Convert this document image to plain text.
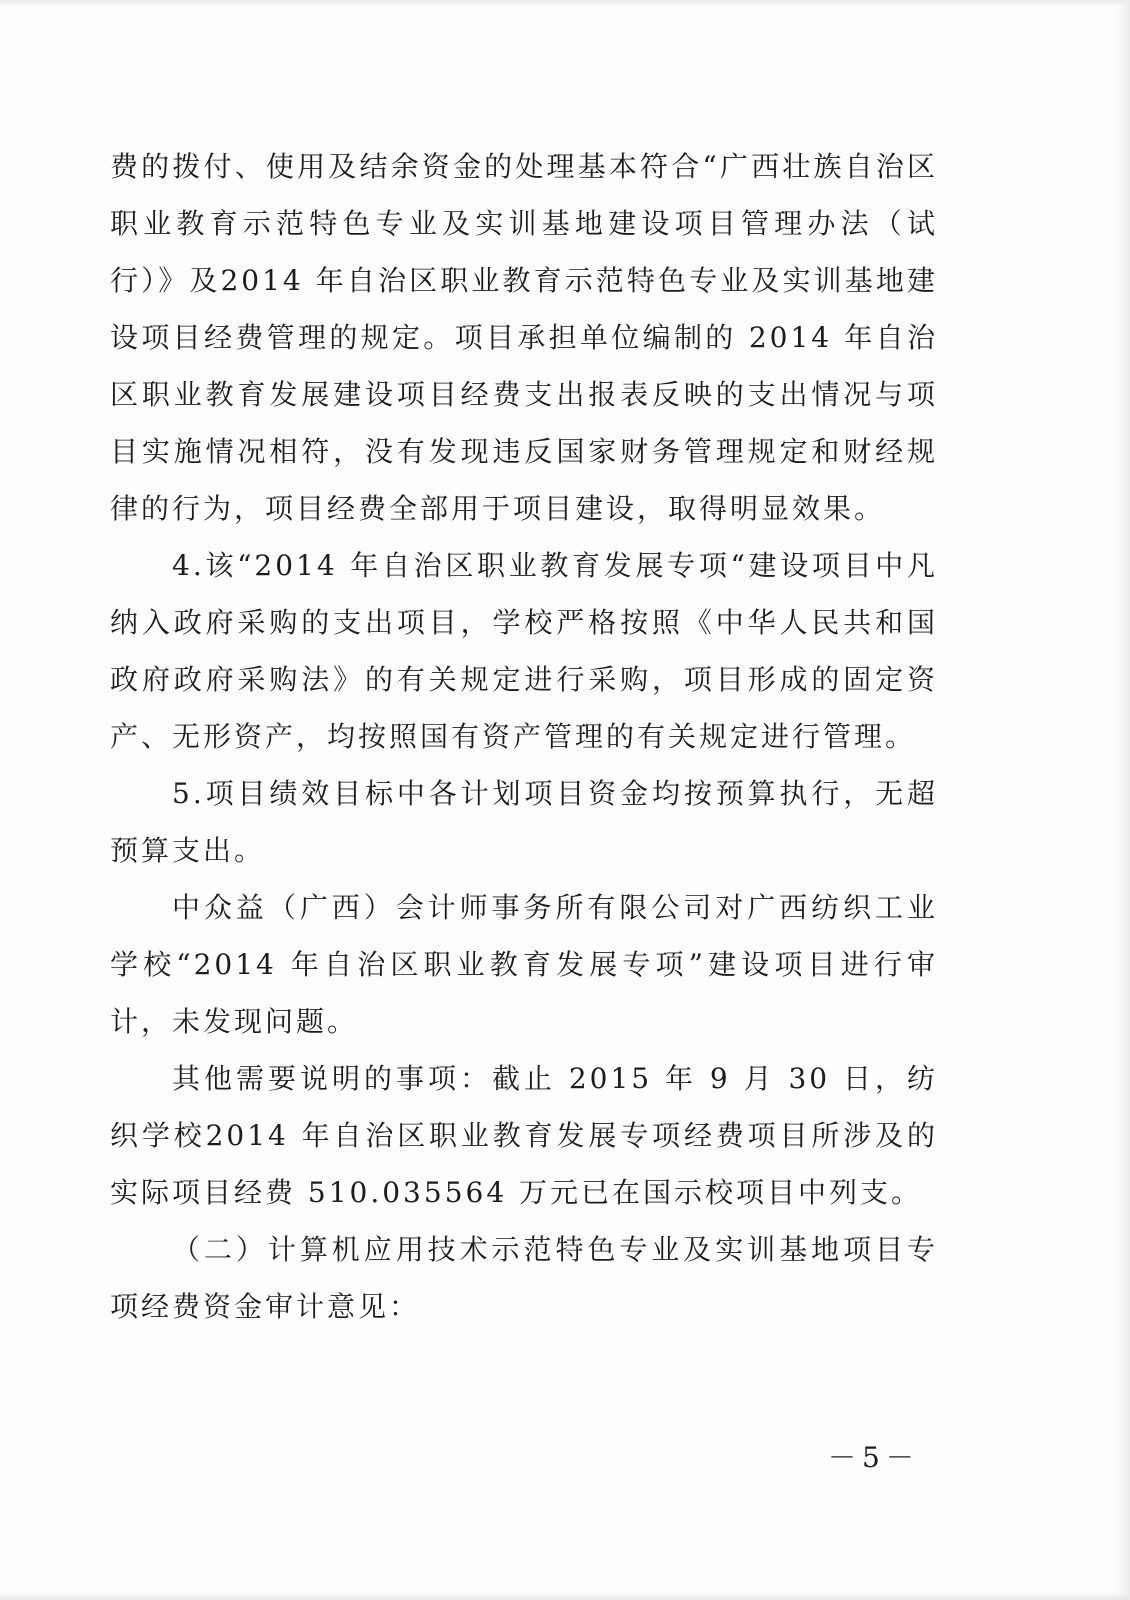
费的拨付、使用及结余资金的处理基本符合“广西壮族自治区职业教育示范特色专业及实训基地建设项目管理办法（试行）》及2014 年自治区职业教育示范特色专业及实训基地建设项目经费管理的规定。项目承担单位编制的 2014 年自治区职业教育发展建设项目经费支出报表反映的支出情况与项目实施情况相符，没有发现违反国家财务管理规定和财经规律的行为，项目经费全部用于项目建设，取得明显效果。

4.该“2014 年自治区职业教育发展专项“建设项目中凡纳入政府采购的支出项目，学校严格按照《中华人民共和国政府政府采购法》的有关规定进行采购，项目形成的固定资产、无形资产，均按照国有资产管理的有关规定进行管理。

5.项目绩效目标中各计划项目资金均按预算执行，无超预算支出。

中众益（广西）会计师事务所有限公司对广西纺织工业学校“2014 年自治区职业教育发展专项”建设项目进行审计，未发现问题。

其他需要说明的事项：截止 2015 年 9 月 30 日，纺织学校2014 年自治区职业教育发展专项经费项目所涉及的实际项目经费 510.035564 万元已在国示校项目中列支。

（二）计算机应用技术示范特色专业及实训基地项目专项经费资金审计意见：

－5－
